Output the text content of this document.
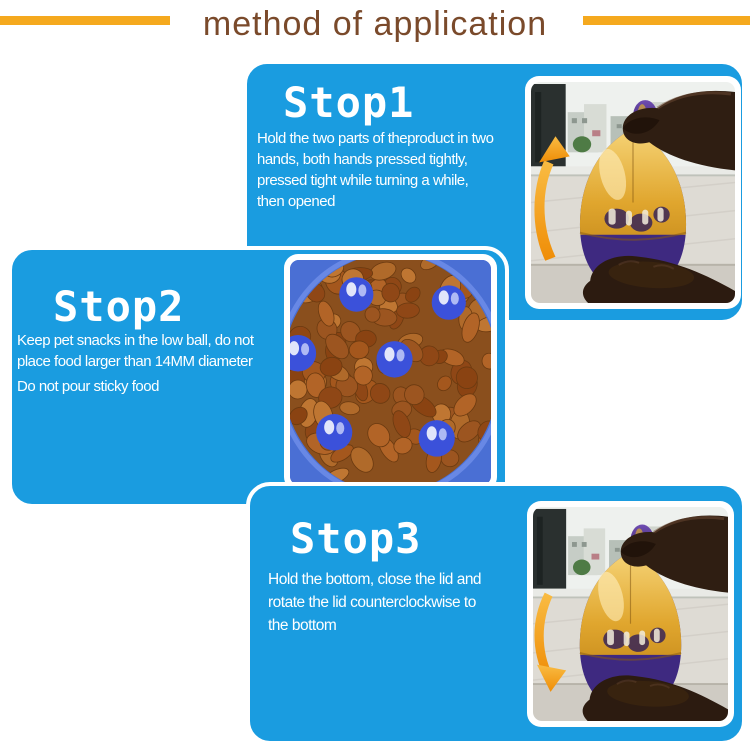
method of application
Stop1
Hold the two parts of theproduct in two
hands, both hands pressed tightly,
pressed tight while turning a while,
then opened
Stop2
Keep pet snacks in the low ball, do not
place food larger than 14MM diameter
Do not pour sticky food
Stop3
Hold the bottom, close the lid and
rotate the lid counterclockwise to
the bottom
